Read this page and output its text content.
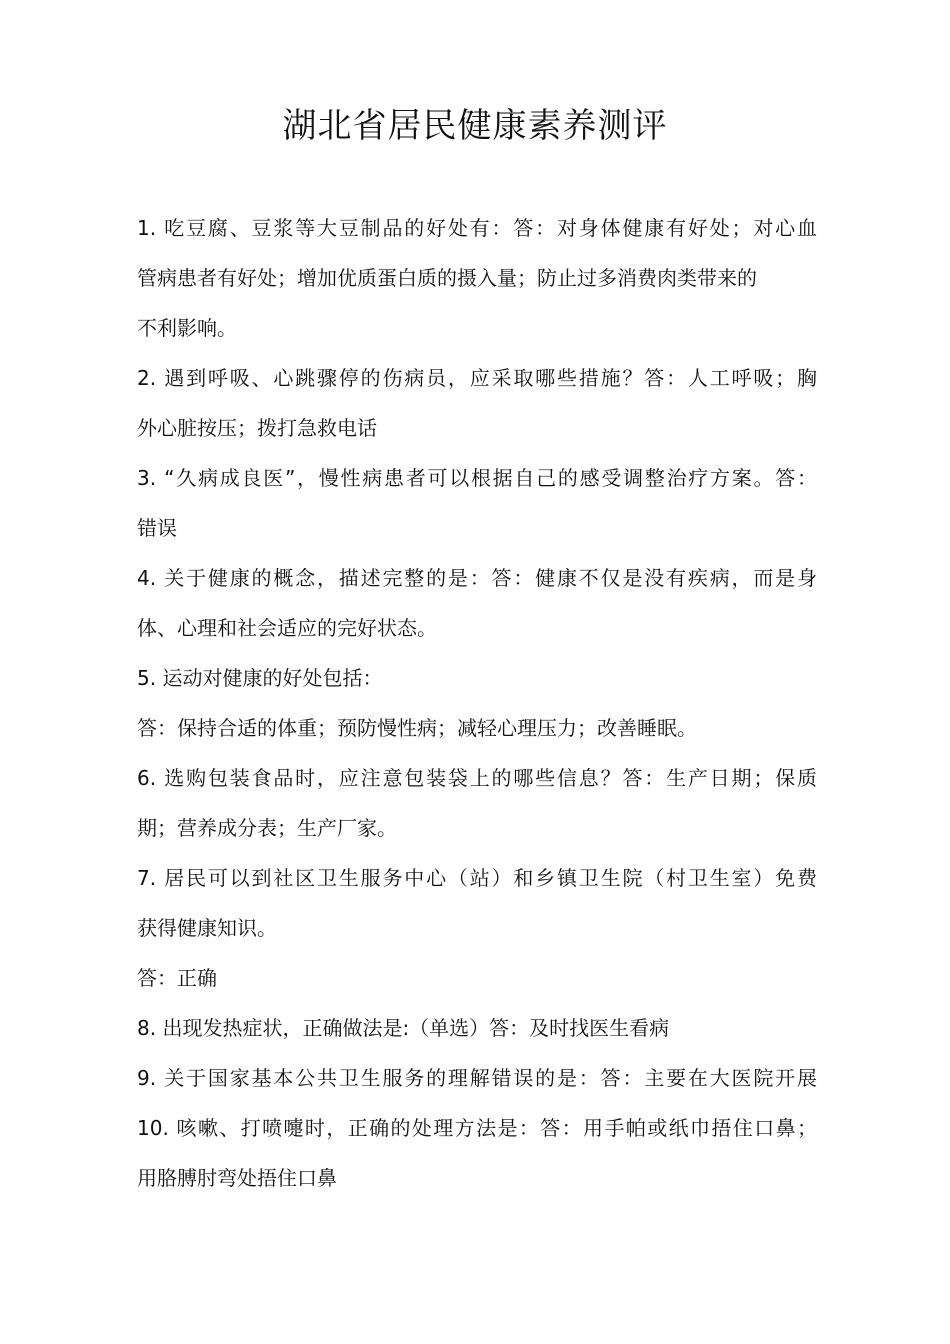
湖北省居民健康素养测评
1. 吃豆腐、豆浆等大豆制品的好处有：答：对身体健康有好处；对心血
管病患者有好处；增加优质蛋白质的摄入量；防止过多消费肉类带来的
不利影响。
2. 遇到呼吸、心跳骤停的伤病员，应采取哪些措施？答：人工呼吸；胸
外心脏按压；拨打急救电话
3. “久病成良医”，慢性病患者可以根据自己的感受调整治疗方案。答：
错误
4. 关于健康的概念，描述完整的是：答：健康不仅是没有疾病，而是身
体、心理和社会适应的完好状态。
5. 运动对健康的好处包括：
答：保持合适的体重；预防慢性病；减轻心理压力；改善睡眠。
6. 选购包装食品时，应注意包装袋上的哪些信息？答：生产日期；保质
期；营养成分表；生产厂家。
7. 居民可以到社区卫生服务中心（站）和乡镇卫生院（村卫生室）免费
获得健康知识。
答：正确
8. 出现发热症状，正确做法是:（单选）答：及时找医生看病
9. 关于国家基本公共卫生服务的理解错误的是：答：主要在大医院开展
10. 咳嗽、打喷嚏时，正确的处理方法是：答：用手帕或纸巾捂住口鼻；
用胳膊肘弯处捂住口鼻
